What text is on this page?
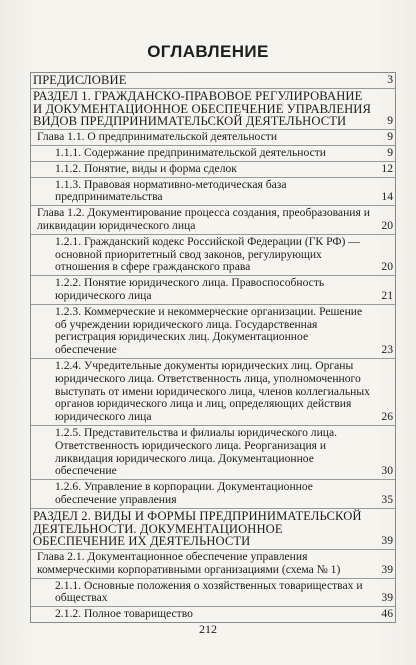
ОГЛАВЛЕНИЕ
ПРЕДИСЛОВИЕ	3
РАЗДЕЛ 1. ГРАЖДАНСКО-ПРАВОВОЕ РЕГУЛИРОВАНИЕ И ДОКУМЕНТАЦИОННОЕ ОБЕСПЕЧЕНИЕ УПРАВЛЕНИЯ ВИДОВ ПРЕДПРИНИМАТЕЛЬСКОЙ ДЕЯТЕЛЬНОСТИ	9
Глава 1.1. О предпринимательской деятельности	9
1.1.1. Содержание предпринимательской деятельности	9
1.1.2. Понятие, виды и форма сделок	12
1.1.3. Правовая нормативно-методическая база предпринимательства	14
Глава 1.2. Документирование процесса создания, преобразования и ликвидации юридического лица	20
1.2.1. Гражданский кодекс Российской Федерации (ГК РФ) — основной приоритетный свод законов, регулирующих отношения в сфере гражданского права	20
1.2.2. Понятие юридического лица. Правоспособность юридического лица	21
1.2.3. Коммерческие и некоммерческие организации. Решение об учреждении юридического лица. Государственная регистрация юридических лиц. Документационное обеспечение	23
1.2.4. Учредительные документы юридических лиц. Органы юридического лица. Ответственность лица, уполномоченного выступать от имени юридического лица, членов коллегиальных органов юридического лица и лиц, определяющих действия юридического лица	26
1.2.5. Представительства и филиалы юридического лица. Ответственность юридического лица. Реорганизация и ликвидация юридического лица. Документационное обеспечение	30
1.2.6. Управление в корпорации. Документационное обеспечение управления	35
РАЗДЕЛ 2. ВИДЫ И ФОРМЫ ПРЕДПРИНИМАТЕЛЬСКОЙ ДЕЯТЕЛЬНОСТИ. ДОКУМЕНТАЦИОННОЕ ОБЕСПЕЧЕНИЕ ИХ ДЕЯТЕЛЬНОСТИ	39
Глава 2.1. Документационное обеспечение управления коммерческими корпоративными организациями (схема № 1)	39
2.1.1. Основные положения о хозяйственных товариществах и обществах	39
2.1.2. Полное товарищество	46
212
